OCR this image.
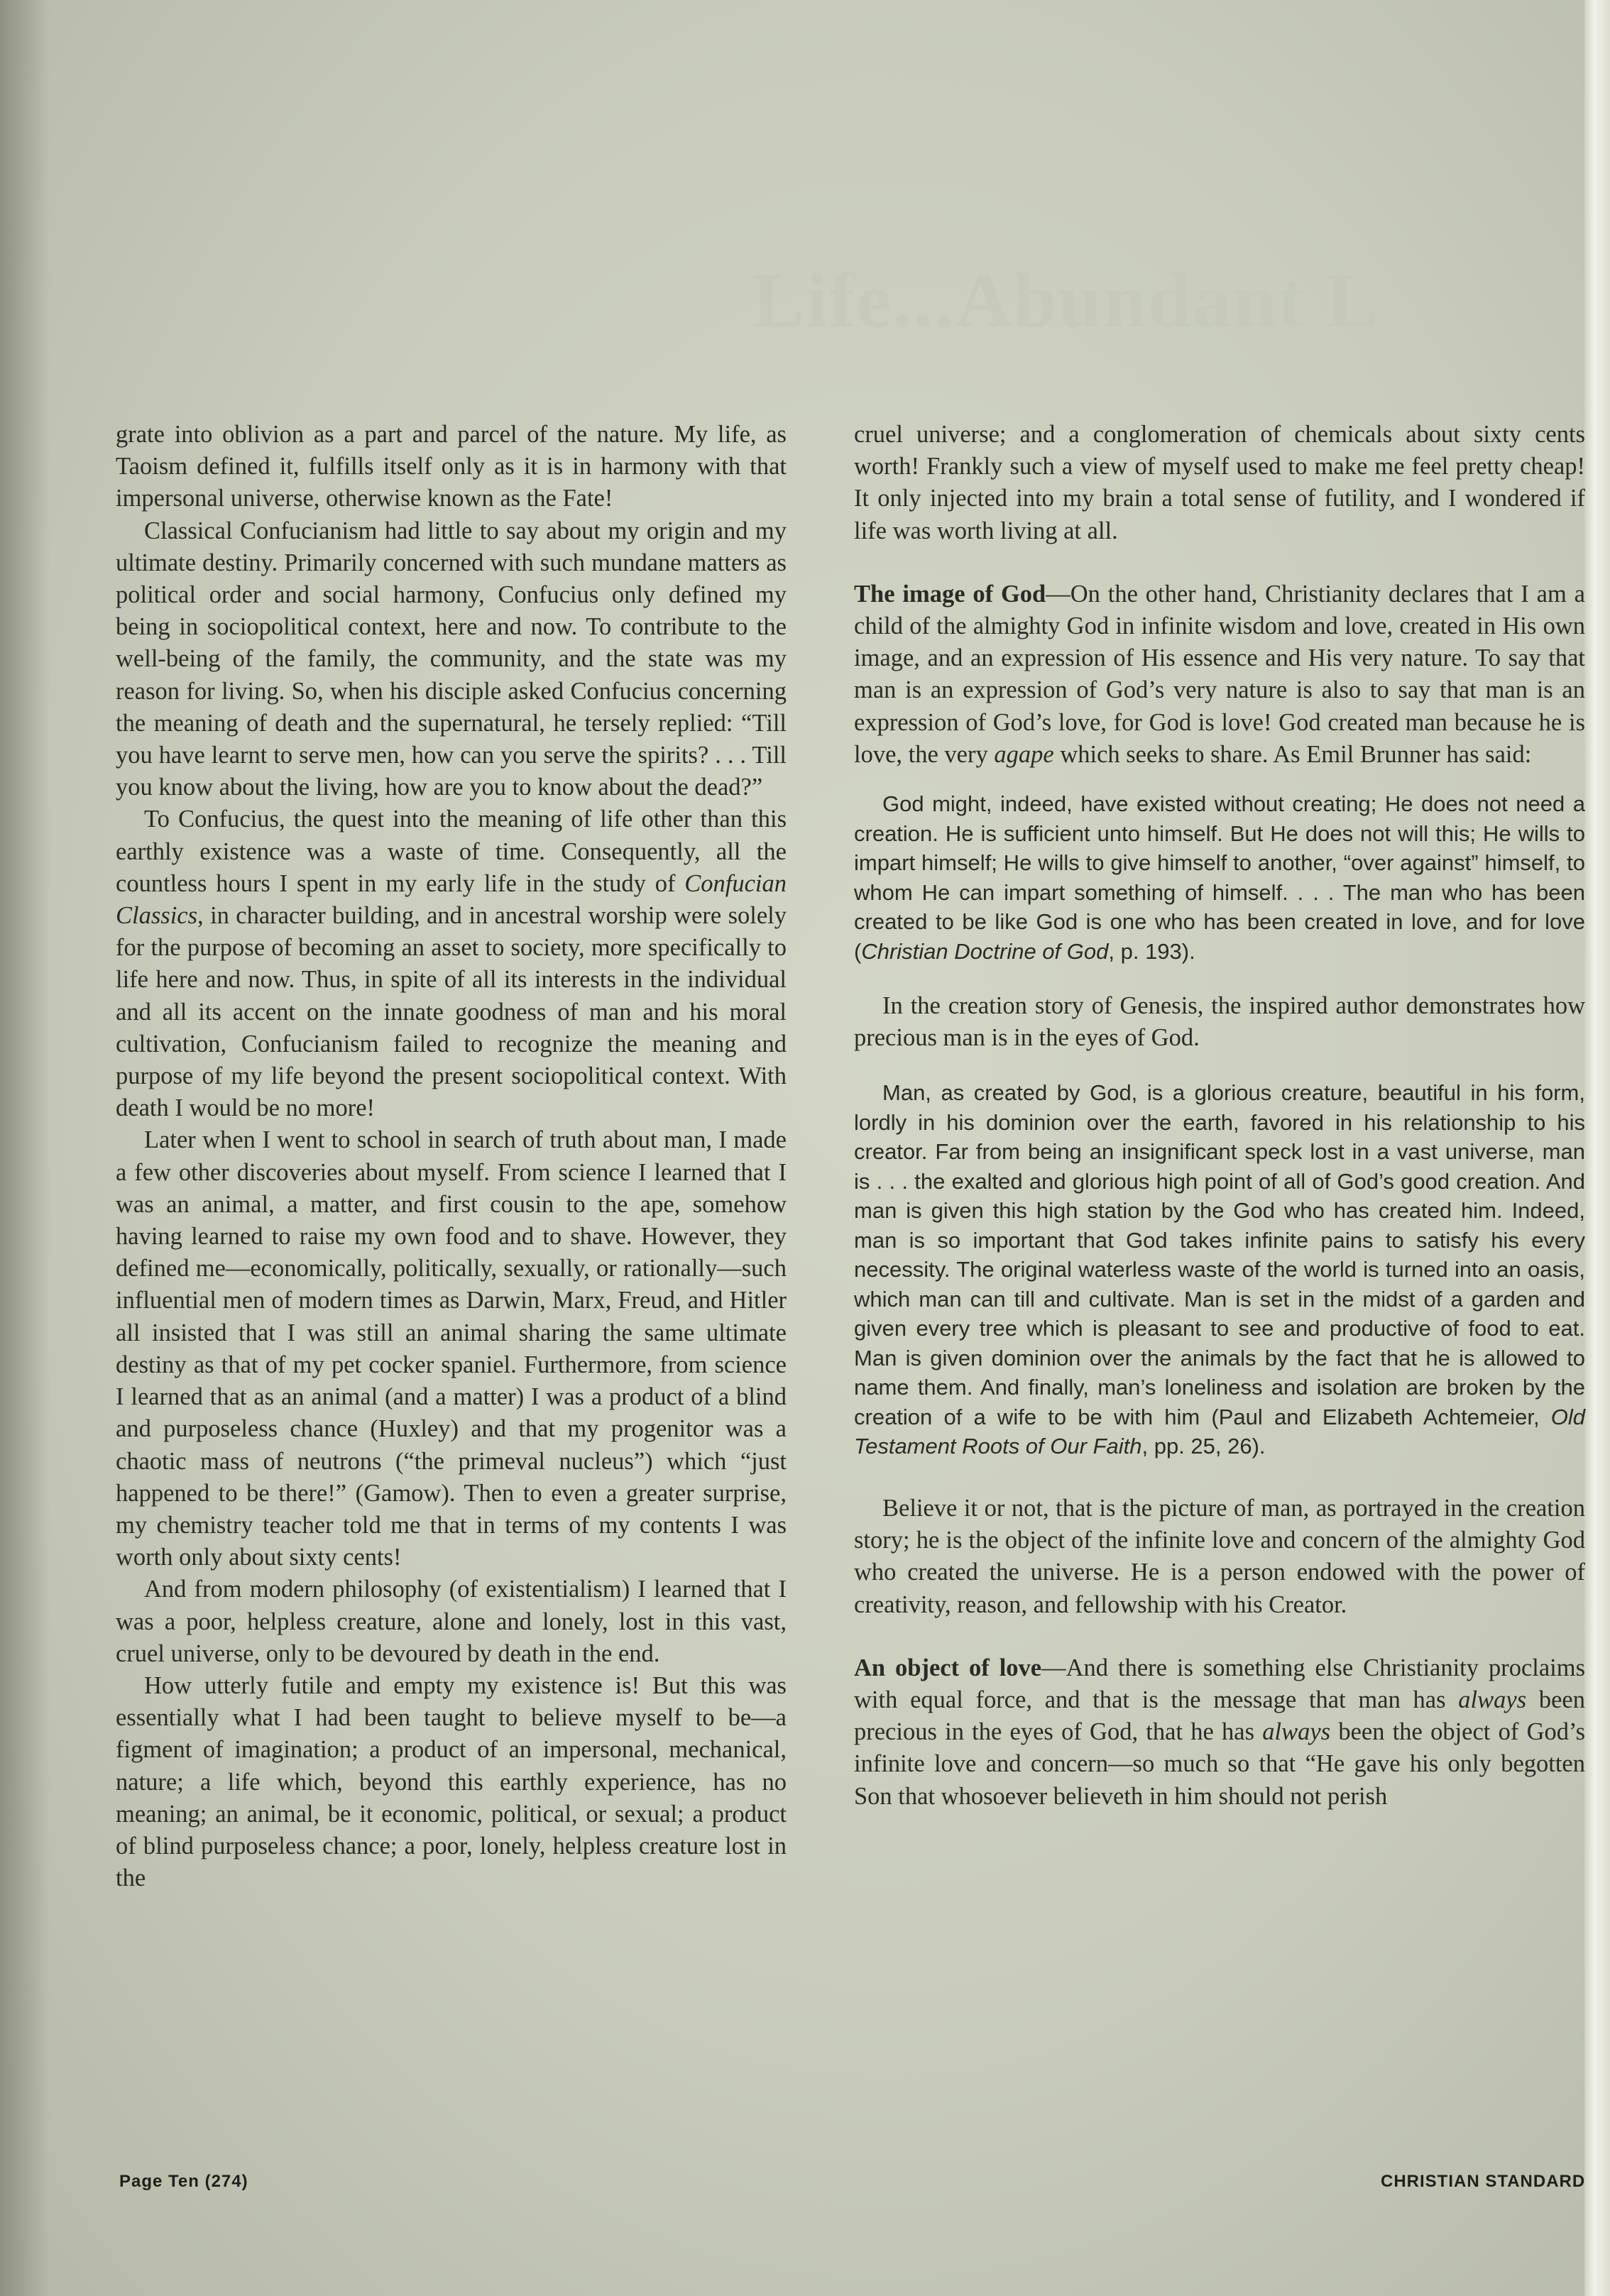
Life...Abundant L

grate into oblivion as a part and parcel of the nature. My life, as Taoism defined it, fulfills itself only as it is in harmony with that impersonal universe, otherwise known as the Fate!

Classical Confucianism had little to say about my origin and my ultimate destiny. Primarily concerned with such mundane matters as political order and social harmony, Confucius only defined my being in sociopolitical context, here and now. To contribute to the well-being of the family, the community, and the state was my reason for living. So, when his disciple asked Confucius concerning the meaning of death and the supernatural, he tersely replied: “Till you have learnt to serve men, how can you serve the spirits? . . . Till you know about the living, how are you to know about the dead?”

To Confucius, the quest into the meaning of life other than this earthly existence was a waste of time. Consequently, all the countless hours I spent in my early life in the study of Confucian Classics, in character building, and in ancestral worship were solely for the purpose of becoming an asset to society, more specifically to life here and now. Thus, in spite of all its interests in the individual and all its accent on the innate goodness of man and his moral cultivation, Confucianism failed to recognize the meaning and purpose of my life beyond the present sociopolitical context. With death I would be no more!

Later when I went to school in search of truth about man, I made a few other discoveries about myself. From science I learned that I was an animal, a matter, and first cousin to the ape, somehow having learned to raise my own food and to shave. However, they defined me—economically, politically, sexually, or rationally—such influential men of modern times as Darwin, Marx, Freud, and Hitler all insisted that I was still an animal sharing the same ultimate destiny as that of my pet cocker spaniel. Furthermore, from science I learned that as an animal (and a matter) I was a product of a blind and purposeless chance (Huxley) and that my progenitor was a chaotic mass of neutrons (“the primeval nucleus”) which “just happened to be there!” (Gamow). Then to even a greater surprise, my chemistry teacher told me that in terms of my contents I was worth only about sixty cents!

And from modern philosophy (of existentialism) I learned that I was a poor, helpless creature, alone and lonely, lost in this vast, cruel universe, only to be devoured by death in the end.

How utterly futile and empty my existence is! But this was essentially what I had been taught to believe myself to be—a figment of imagination; a product of an impersonal, mechanical, nature; a life which, beyond this earthly experience, has no meaning; an animal, be it economic, political, or sexual; a product of blind purposeless chance; a poor, lonely, helpless creature lost in the

cruel universe; and a conglomeration of chemicals about sixty cents worth! Frankly such a view of myself used to make me feel pretty cheap! It only injected into my brain a total sense of futility, and I wondered if life was worth living at all.

The image of God—On the other hand, Christianity declares that I am a child of the almighty God in infinite wisdom and love, created in His own image, and an expression of His essence and His very nature. To say that man is an expression of God’s very nature is also to say that man is an expression of God’s love, for God is love! God created man because he is love, the very agape which seeks to share. As Emil Brunner has said:

God might, indeed, have existed without creating; He does not need a creation. He is sufficient unto himself. But He does not will this; He wills to impart himself; He wills to give himself to another, “over against” himself, to whom He can impart something of himself. . . . The man who has been created to be like God is one who has been created in love, and for love (Christian Doctrine of God, p. 193).

In the creation story of Genesis, the inspired author demonstrates how precious man is in the eyes of God.

Man, as created by God, is a glorious creature, beautiful in his form, lordly in his dominion over the earth, favored in his relationship to his creator. Far from being an insignificant speck lost in a vast universe, man is . . . the exalted and glorious high point of all of God’s good creation. And man is given this high station by the God who has created him. Indeed, man is so important that God takes infinite pains to satisfy his every necessity. The original waterless waste of the world is turned into an oasis, which man can till and cultivate. Man is set in the midst of a garden and given every tree which is pleasant to see and productive of food to eat. Man is given dominion over the animals by the fact that he is allowed to name them. And finally, man’s loneliness and isolation are broken by the creation of a wife to be with him (Paul and Elizabeth Achtemeier, Old Testament Roots of Our Faith, pp. 25, 26).

Believe it or not, that is the picture of man, as portrayed in the creation story; he is the object of the infinite love and concern of the almighty God who created the universe. He is a person endowed with the power of creativity, reason, and fellowship with his Creator.

An object of love—And there is something else Christianity proclaims with equal force, and that is the message that man has always been precious in the eyes of God, that he has always been the object of God’s infinite love and concern—so much so that “He gave his only begotten Son that whosoever believeth in him should not perish

Page Ten (274)	CHRISTIAN STANDARD
